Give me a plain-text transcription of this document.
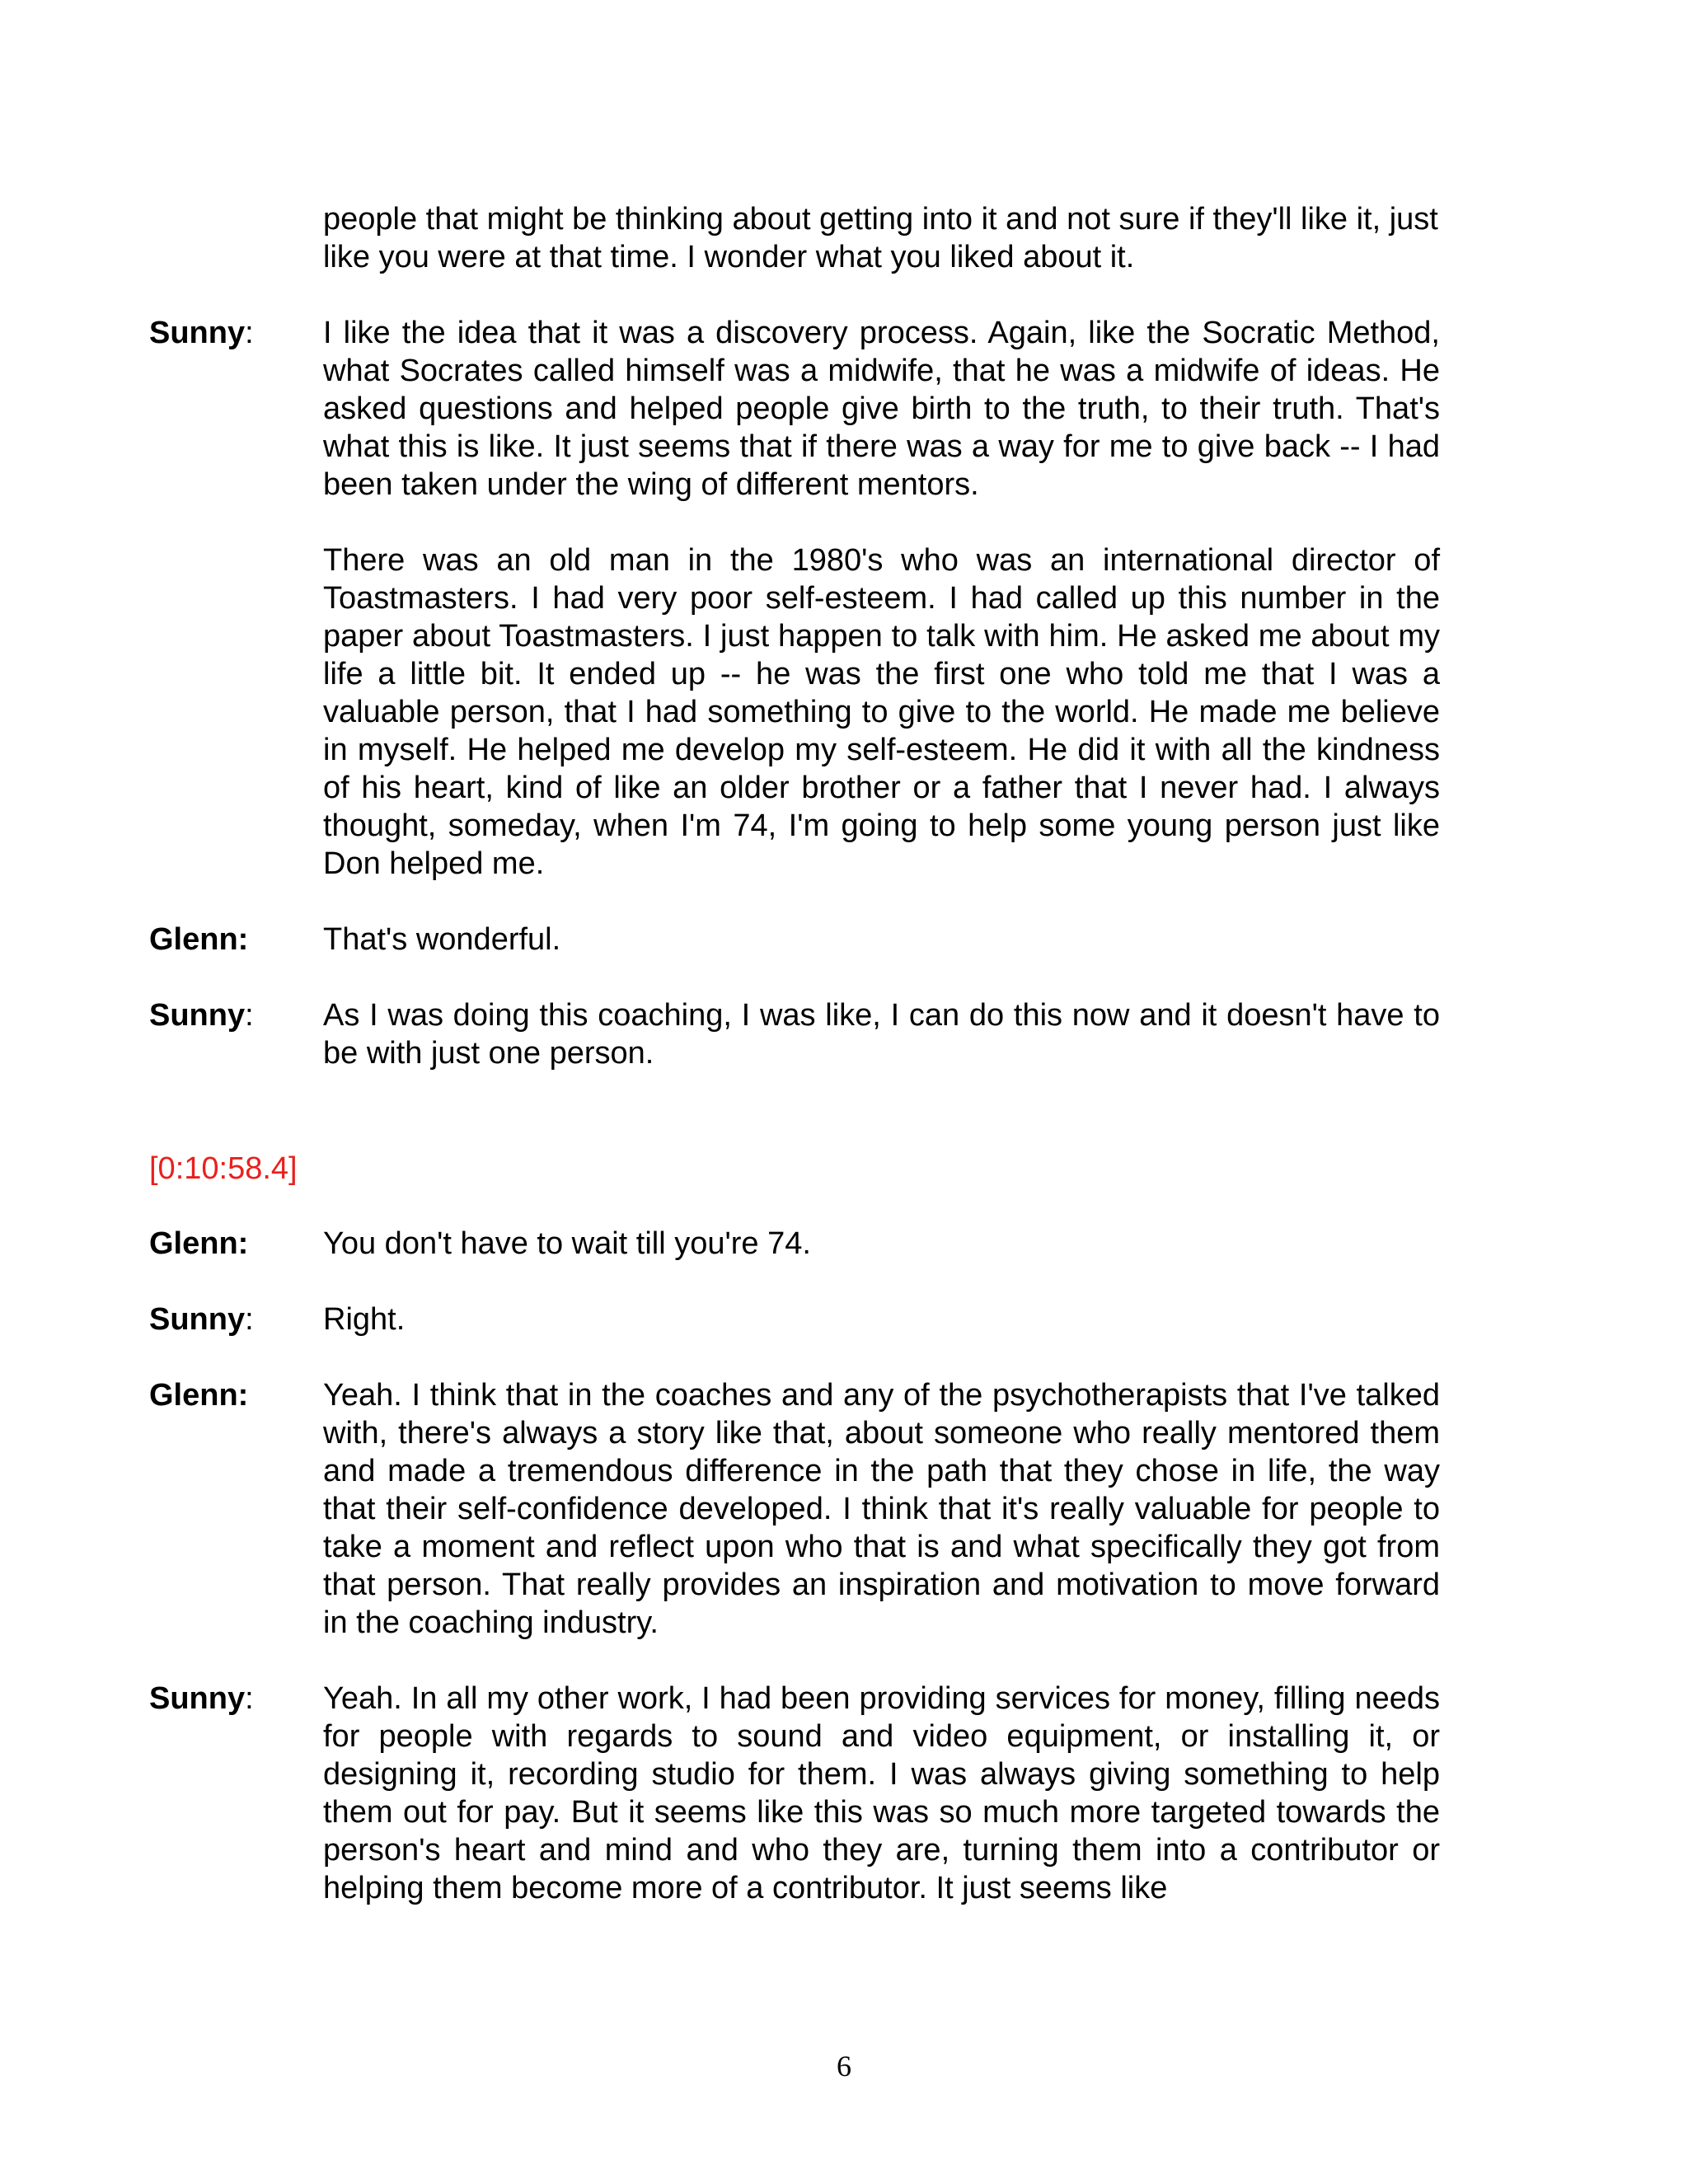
people that might be thinking about getting into it and not sure if they'll like it, just like you were at that time. I wonder what you liked about it.

Sunny: I like the idea that it was a discovery process. Again, like the Socratic Method, what Socrates called himself was a midwife, that he was a midwife of ideas. He asked questions and helped people give birth to the truth, to their truth. That's what this is like. It just seems that if there was a way for me to give back -- I had been taken under the wing of different mentors.

There was an old man in the 1980's who was an international director of Toastmasters. I had very poor self-esteem. I had called up this number in the paper about Toastmasters. I just happen to talk with him. He asked me about my life a little bit. It ended up -- he was the first one who told me that I was a valuable person, that I had something to give to the world. He made me believe in myself. He helped me develop my self-esteem. He did it with all the kindness of his heart, kind of like an older brother or a father that I never had. I always thought, someday, when I'm 74, I'm going to help some young person just like Don helped me.

Glenn: That's wonderful.

Sunny: As I was doing this coaching, I was like, I can do this now and it doesn't have to be with just one person.

[0:10:58.4]

Glenn: You don't have to wait till you're 74.

Sunny: Right.

Glenn: Yeah. I think that in the coaches and any of the psychotherapists that I've talked with, there's always a story like that, about someone who really mentored them and made a tremendous difference in the path that they chose in life, the way that their self-confidence developed. I think that it's really valuable for people to take a moment and reflect upon who that is and what specifically they got from that person. That really provides an inspiration and motivation to move forward in the coaching industry.

Sunny: Yeah. In all my other work, I had been providing services for money, filling needs for people with regards to sound and video equipment, or installing it, or designing it, recording studio for them. I was always giving something to help them out for pay. But it seems like this was so much more targeted towards the person's heart and mind and who they are, turning them into a contributor or helping them become more of a contributor. It just seems like

6
